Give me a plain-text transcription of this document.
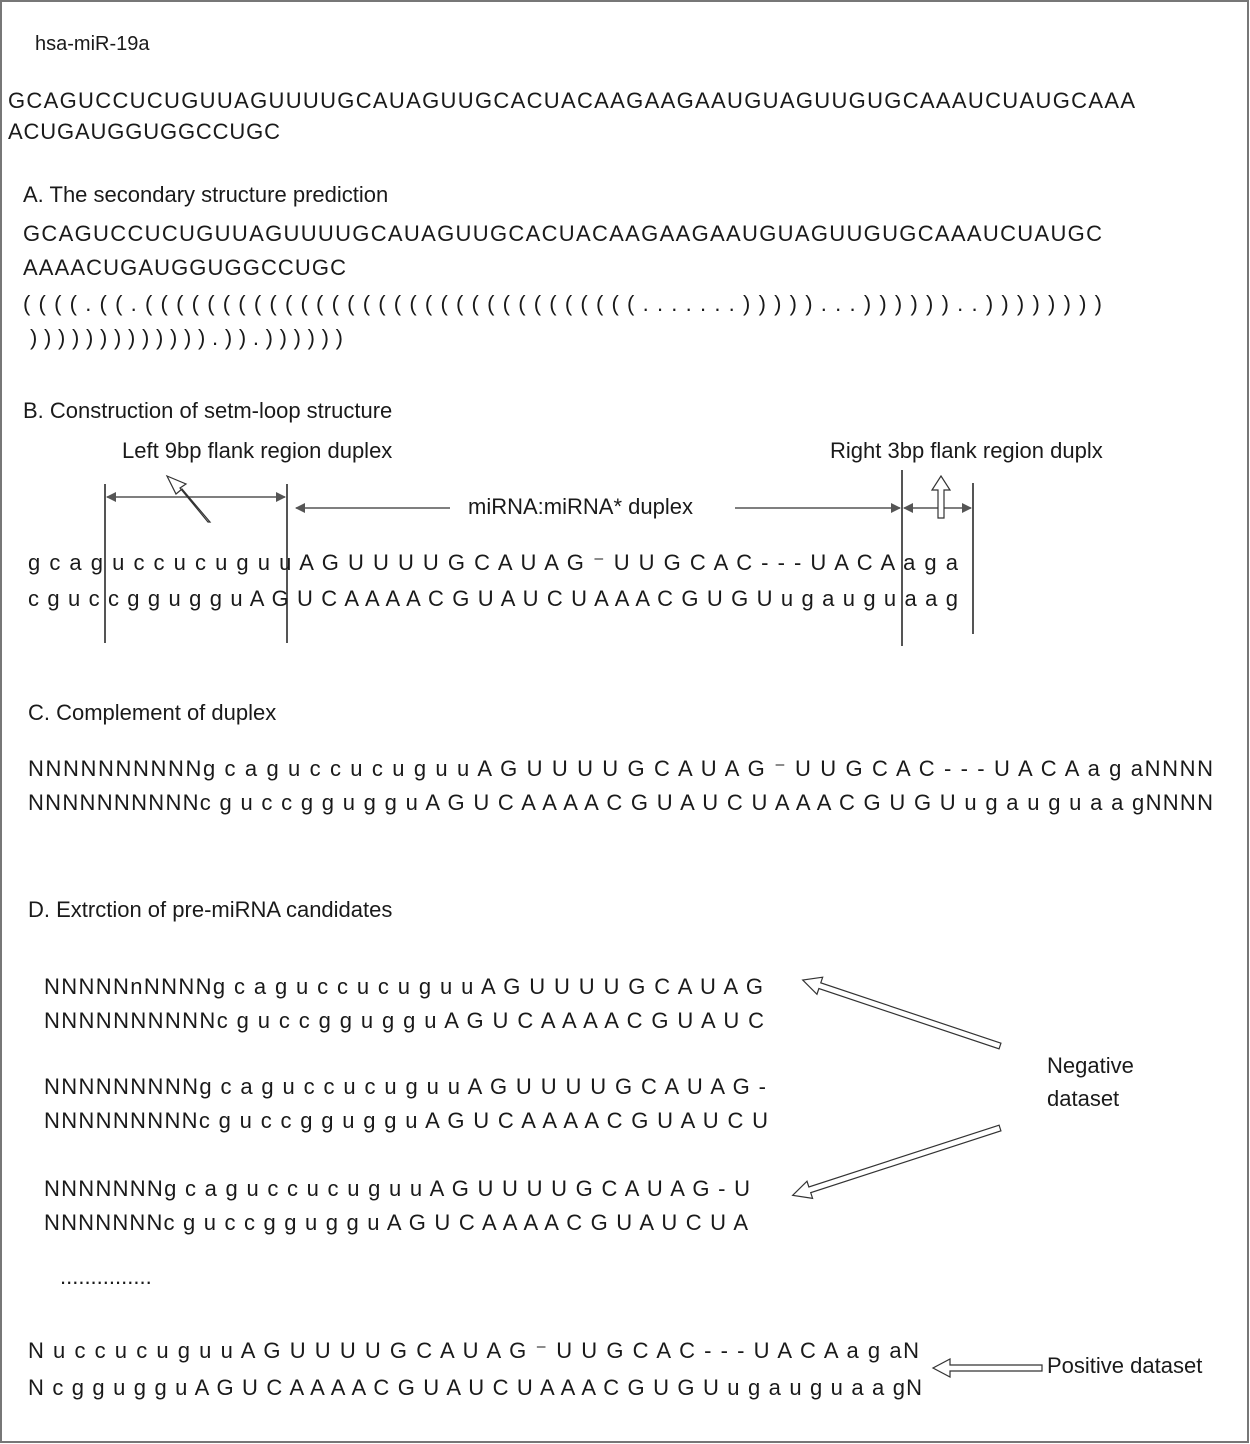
hsa-miR-19a
GCAGUCCUCUGUUAGUUUUGCAUAGUUGCACUACAAGAAGAAUGUAGUUGUGCAAAUCUAUGCAAA
ACUGAUGGUGGCCUGC
A. The secondary structure prediction
GCAGUCCUCUGUUAGUUUUGCAUAGUUGCACUACAAGAAGAAUGUAGUUGUGCAAAUCUAUGC
AAAACUGAUGGUGGCCUGC
((((.((.((((((((((((((((((((((((((((((((.......)))))...))))))..))))))))
))))))))))))).)).))))))
B. Construction of setm-loop structure
Left 9bp flank region duplex	Right 3bp flank region duplx
miRNA:miRNA* duplex
g c a g u c c u c u g u u A G U U U U G C A U A G ⁻ U U G C A C - - - U A C A a g a
c g u c c g g u g g u A G U C A A A A C G U A U C U A A A C G U G U u g a u g u a a g
C. Complement of duplex
NNNNNNNNNNg c a g u c c u c u g u u A G U U U U G C A U A G ⁻ U U G C A C - - - U A C A a g aNNNN
NNNNNNNNNNc g u c c g g u g g u A G U C A A A A C G U A U C U A A A C G U G U u g a u g u a a gNNNN
D. Extrction of pre-miRNA candidates
NNNNNnNNNNg c a g u c c u c u g u u A G U U U U G C A U A G
NNNNNNNNNNc g u c c g g u g g u A G U C A A A A C G U A U C
NNNNNNNNNg c a g u c c u c u g u u A G U U U U G C A U A G -
NNNNNNNNNc g u c c g g u g g u A G U C A A A A C G U A U C U
NNNNNNNg c a g u c c u c u g u u A G U U U U G C A U A G - U
NNNNNNNc g u c c g g u g g u A G U C A A A A C G U A U C U A
...............
N u c c u c u g u u A G U U U U G C A U A G ⁻ U U G C A C - - - U A C A a g aN
N c g g u g g u A G U C A A A A C G U A U C U A A A C G U G U u g a u g u a a gN
Negative
dataset
Positive dataset
